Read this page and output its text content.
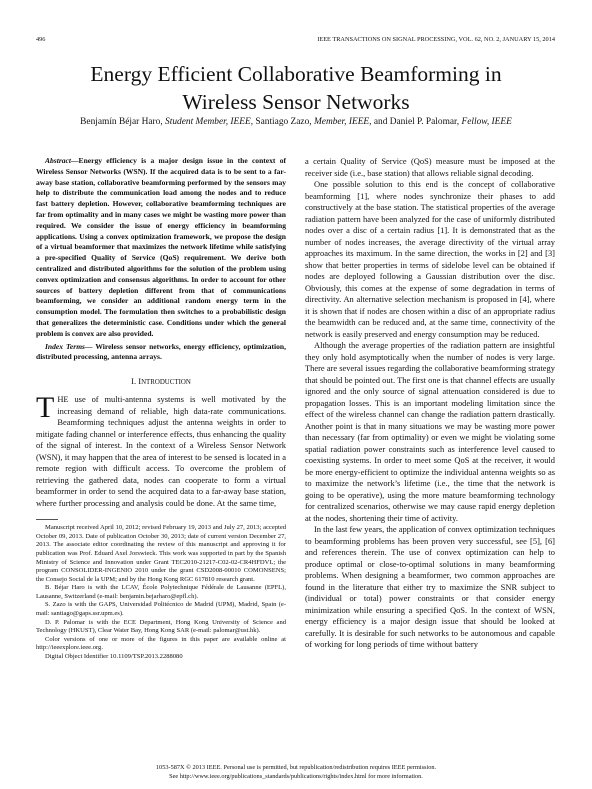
496	IEEE TRANSACTIONS ON SIGNAL PROCESSING, VOL. 62, NO. 2, JANUARY 15, 2014
Energy Efficient Collaborative Beamforming in
Wireless Sensor Networks
Benjamín Béjar Haro, Student Member, IEEE, Santiago Zazo, Member, IEEE, and Daniel P. Palomar, Fellow, IEEE

Abstract—Energy efficiency is a major design issue in the context of Wireless Sensor Networks (WSN). If the acquired data is to be sent to a far-away base station, collaborative beamforming performed by the sensors may help to distribute the communication load among the nodes and to reduce fast battery depletion. However, collaborative beamforming techniques are far from optimality and in many cases we might be wasting more power than required. We consider the issue of energy efficiency in beamforming applications. Using a convex optimization framework, we propose the design of a virtual beamformer that maximizes the network lifetime while satisfying a pre-specified Quality of Service (QoS) requirement. We derive both centralized and distributed algorithms for the solution of the problem using convex optimization and consensus algorithms. In order to account for other sources of battery depletion different from that of communications beamforming, we consider an additional random energy term in the consumption model. The formulation then switches to a probabilistic design that generalizes the deterministic case. Conditions under which the general problem is convex are also provided.

Index Terms— Wireless sensor networks, energy efficiency, optimization, distributed processing, antenna arrays.

I. INTRODUCTION

THE use of multi-antenna systems is well motivated by the increasing demand of reliable, high data-rate communications. Beamforming techniques adjust the antenna weights in order to mitigate fading channel or interference effects, thus enhancing the quality of the signal of interest. In the context of a Wireless Sensor Network (WSN), it may happen that the area of interest to be sensed is located in a remote region with difficult access. To overcome the problem of retrieving the gathered data, nodes can cooperate to form a virtual beamformer in order to send the acquired data to a far-away base station, where further processing and analysis could be done. At the same time,

Manuscript received April 10, 2012; revised February 19, 2013 and July 27, 2013; accepted October 09, 2013. Date of publication October 30, 2013; date of current version December 27, 2013. The associate editor coordinating the review of this manuscript and approving it for publication was Prof. Eduard Axel Jorswieck. This work was supported in part by the Spanish Ministry of Science and Innovation under Grant TEC2010-21217-C02-02-CR4HFDVL; the program CONSOLIDER-INGENIO 2010 under the grant CSD2008-00010 COMONSENS; the Consejo Social de la UPM; and by the Hong Kong RGC 617810 research grant.

B. Béjar Haro is with the LCAV, École Polytechnique Fédérale de Lausanne (EPFL), Lausanne, Switzerland (e-mail: benjamin.bejarharo@epfl.ch).

S. Zazo is with the GAPS, Universidad Politécnico de Madrid (UPM), Madrid, Spain (e-mail: santiago@gaps.ssr.upm.es).

D. P. Palomar is with the ECE Department, Hong Kong University of Science and Technology (HKUST), Clear Water Bay, Hong Kong SAR (e-mail: palomar@ust.hk).

Color versions of one or more of the figures in this paper are available online at http://ieeexplore.ieee.org.

Digital Object Identifier 10.1109/TSP.2013.2288080

a certain Quality of Service (QoS) measure must be imposed at the receiver side (i.e., base station) that allows reliable signal decoding.

One possible solution to this end is the concept of collaborative beamforming [1], where nodes synchronize their phases to add constructively at the base station. The statistical properties of the average radiation pattern have been analyzed for the case of uniformly distributed nodes over a disc of a certain radius [1]. It is demonstrated that as the number of nodes increases, the average directivity of the virtual array approaches its maximum. In the same direction, the works in [2] and [3] show that better properties in terms of sidelobe level can be obtained if nodes are deployed following a Gaussian distribution over the disc. Obviously, this comes at the expense of some degradation in terms of directivity. An alternative selection mechanism is proposed in [4], where it is shown that if nodes are chosen within a disc of an appropriate radius the beamwidth can be reduced and, at the same time, connectivity of the network is easily preserved and energy consumption may be reduced.

Although the average properties of the radiation pattern are insightful they only hold asymptotically when the number of nodes is very large. There are several issues regarding the collaborative beamforming strategy that should be pointed out. The first one is that channel effects are usually ignored and the only source of signal attenuation considered is due to propagation losses. This is an important modeling limitation since the effect of the wireless channel can change the radiation pattern drastically. Another point is that in many situations we may be wasting more power than necessary (far from optimality) or even we might be violating some spatial radiation power constraints such as interference level caused to coexisting systems. In order to meet some QoS at the receiver, it would be more energy-efficient to optimize the individual antenna weights so as to maximize the network’s lifetime (i.e., the time that the network is going to be operative), using the more mature beamforming technology for centralized scenarios, otherwise we may cause rapid energy depletion at the nodes, shortening their time of activity.

In the last few years, the application of convex optimization techniques to beamforming problems has been proven very successful, see [5], [6] and references therein. The use of convex optimization can help to produce optimal or close-to-optimal solutions in many beamforming problems. When designing a beamformer, two common approaches are found in the literature that either try to maximize the SNR subject to (individual or total) power constraints or that consider energy minimization while ensuring a specified QoS. In the context of WSN, energy efficiency is a major design issue that should be looked at carefully. It is desirable for such networks to be autonomous and capable of working for long periods of time without battery

1053-587X © 2013 IEEE. Personal use is permitted, but republication/redistribution requires IEEE permission.
See http://www.ieee.org/publications_standards/publications/rights/index.html for more information.
